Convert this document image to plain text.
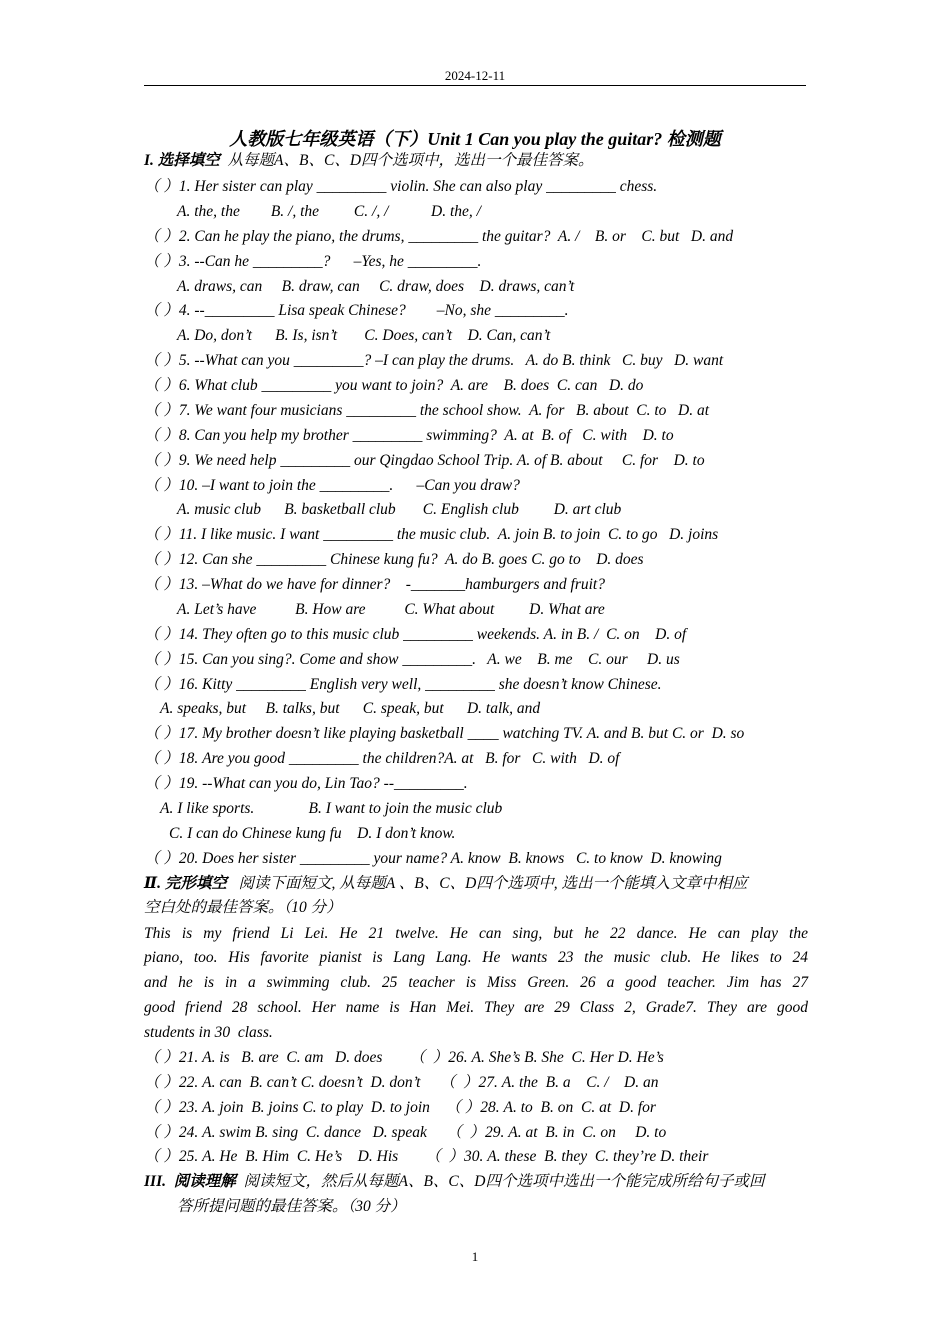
2024-12-11
人教版七年级英语（下）Unit 1 Can you play the guitar? 检测题
I. 选择填空  从每题A、B、C、D四个选项中，选出一个最佳答案。
（ ）1. Her sister can play _________ violin. She can also play _________ chess.
A. the, the        B. /, the         C. /, /           D. the, /
（ ）2. Can he play the piano, the drums, _________ the guitar?  A. /    B. or    C. but   D. and
（ ）3. --Can he _________?      –Yes, he _________.
A. draws, can     B. draw, can     C. draw, does    D. draws, can’t
（ ）4. --_________ Lisa speak Chinese?        –No, she _________.
A. Do, don’t      B. Is, isn’t       C. Does, can’t    D. Can, can’t
（ ）5. --What can you _________? –I can play the drums.   A. do B. think   C. buy   D. want
（ ）6. What club _________ you want to join?  A. are    B. does  C. can   D. do
（ ）7. We want four musicians _________ the school show.  A. for   B. about  C. to   D. at
（ ）8. Can you help my brother _________ swimming?  A. at  B. of   C. with    D. to
（ ）9. We need help _________ our Qingdao School Trip. A. of B. about     C. for    D. to
（ ）10. –I want to join the _________.      –Can you draw?
A. music club      B. basketball club       C. English club         D. art club
（ ）11. I like music. I want _________ the music club.  A. join B. to join  C. to go   D. joins
（ ）12. Can she _________ Chinese kung fu?  A. do B. goes C. go to    D. does
（ ）13. –What do we have for dinner?    -_______hamburgers and fruit?
A. Let’s have          B. How are          C. What about         D. What are
（ ）14. They often go to this music club _________ weekends. A. in B. /  C. on    D. of
（ ）15. Can you sing?. Come and show _________.   A. we    B. me    C. our     D. us
（ ）16. Kitty _________ English very well, _________ she doesn’t know Chinese.
A. speaks, but     B. talks, but      C. speak, but      D. talk, and
（ ）17. My brother doesn’t like playing basketball ____ watching TV. A. and B. but C. or  D. so
（ ）18. Are you good _________ the children?A. at   B. for   C. with   D. of
（ ）19. --What can you do, Lin Tao? --_________.
A. I like sports.              B. I want to join the music club
C. I can do Chinese kung fu    D. I don’t know.
（ ）20. Does her sister _________ your name? A. know  B. knows   C. to know  D. knowing
Ⅱ. 完形填空   阅读下面短文, 从每题A 、B、C、D四个选项中, 选出一个能填入文章中相应
空白处的最佳答案。（10 分）
This is my friend Li Lei. He 21 twelve. He can sing, but he 22 dance. He can play the
piano, too. His favorite pianist is Lang Lang. He wants 23 the music club. He likes to 24
and he is in a swimming club. 25 teacher is Miss Green. 26 a good teacher. Jim has 27
good friend 28 school. Her name is Han Mei. They are 29 Class 2, Grade7. They are good
students in 30  class.
（ ）21. A. is   B. are  C. am   D. does       （  ）26. A. She’s B. She  C. Her D. He’s
（ ）22. A. can  B. can’t C. doesn’t  D. don’t     （  ）27. A. the  B. a    C. /    D. an
（ ）23. A. join  B. joins C. to play  D. to join    （ ）28. A. to  B. on  C. at  D. for
（ ）24. A. swim B. sing  C. dance   D. speak     （  ）29. A. at  B. in  C. on     D. to
（ ）25. A. He  B. Him  C. He’s    D. His       （  ）30. A. these  B. they  C. they’re D. their
III.  阅读理解  阅读短文，然后从每题A、B、C、D四个选项中选出一个能完成所给句子或回
答所提问题的最佳答案。（30 分）
1
